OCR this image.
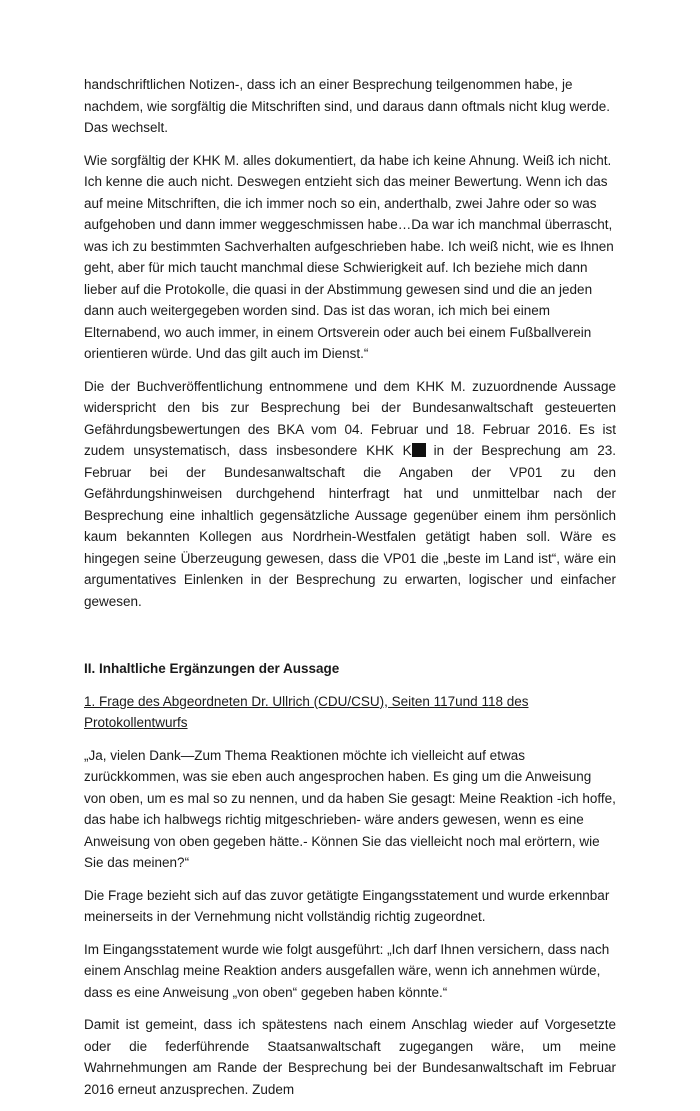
handschriftlichen Notizen-, dass ich an einer Besprechung teilgenommen habe, je nachdem, wie sorgfältig die Mitschriften sind, und daraus dann oftmals nicht klug werde. Das wechselt.

Wie sorgfältig der KHK M. alles dokumentiert, da habe ich keine Ahnung. Weiß ich nicht. Ich kenne die auch nicht. Deswegen entzieht sich das meiner Bewertung. Wenn ich das auf meine Mitschriften, die ich immer noch so ein, anderthalb, zwei Jahre oder so was aufgehoben und dann immer weggeschmissen habe…Da war ich manchmal überrascht, was ich zu bestimmten Sachverhalten aufgeschrieben habe. Ich weiß nicht, wie es Ihnen geht, aber für mich taucht manchmal diese Schwierigkeit auf. Ich beziehe mich dann lieber auf die Protokolle, die quasi in der Abstimmung gewesen sind und die an jeden dann auch weitergegeben worden sind. Das ist das woran, ich mich bei einem Elternabend, wo auch immer, in einem Ortsverein oder auch bei einem Fußballverein orientieren würde. Und das gilt auch im Dienst.“

Die der Buchveröffentlichung entnommene und dem KHK M. zuzuordnende Aussage widerspricht den bis zur Besprechung bei der Bundesanwaltschaft gesteuerten Gefährdungsbewertungen des BKA vom 04. Februar und 18. Februar 2016. Es ist zudem unsystematisch, dass insbesondere KHK K in der Besprechung am 23. Februar bei der Bundesanwaltschaft die Angaben der VP01 zu den Gefährdungshinweisen durchgehend hinterfragt hat und unmittelbar nach der Besprechung eine inhaltlich gegensätzliche Aussage gegenüber einem ihm persönlich kaum bekannten Kollegen aus Nordrhein-Westfalen getätigt haben soll. Wäre es hingegen seine Überzeugung gewesen, dass die VP01 die „beste im Land ist“, wäre ein argumentatives Einlenken in der Besprechung zu erwarten, logischer und einfacher gewesen.

II. Inhaltliche Ergänzungen der Aussage

1. Frage des Abgeordneten Dr. Ullrich (CDU/CSU), Seiten 117und 118 des Protokollentwurfs

„Ja, vielen Dank—Zum Thema Reaktionen möchte ich vielleicht auf etwas zurückkommen, was sie eben auch angesprochen haben. Es ging um die Anweisung von oben, um es mal so zu nennen, und da haben Sie gesagt: Meine Reaktion -ich hoffe, das habe ich halbwegs richtig mitgeschrieben- wäre anders gewesen, wenn es eine Anweisung von oben gegeben hätte.- Können Sie das vielleicht noch mal erörtern, wie Sie das meinen?“

Die Frage bezieht sich auf das zuvor getätigte Eingangsstatement und wurde erkennbar meinerseits in der Vernehmung nicht vollständig richtig zugeordnet.

Im Eingangsstatement wurde wie folgt ausgeführt: „Ich darf Ihnen versichern, dass nach einem Anschlag meine Reaktion anders ausgefallen wäre, wenn ich annehmen würde, dass es eine Anweisung „von oben“ gegeben haben könnte.“

Damit ist gemeint, dass ich spätestens nach einem Anschlag wieder auf Vorgesetzte oder die federführende Staatsanwaltschaft zugegangen wäre, um meine Wahrnehmungen am Rande der Besprechung bei der Bundesanwaltschaft im Februar 2016 erneut anzusprechen. Zudem
